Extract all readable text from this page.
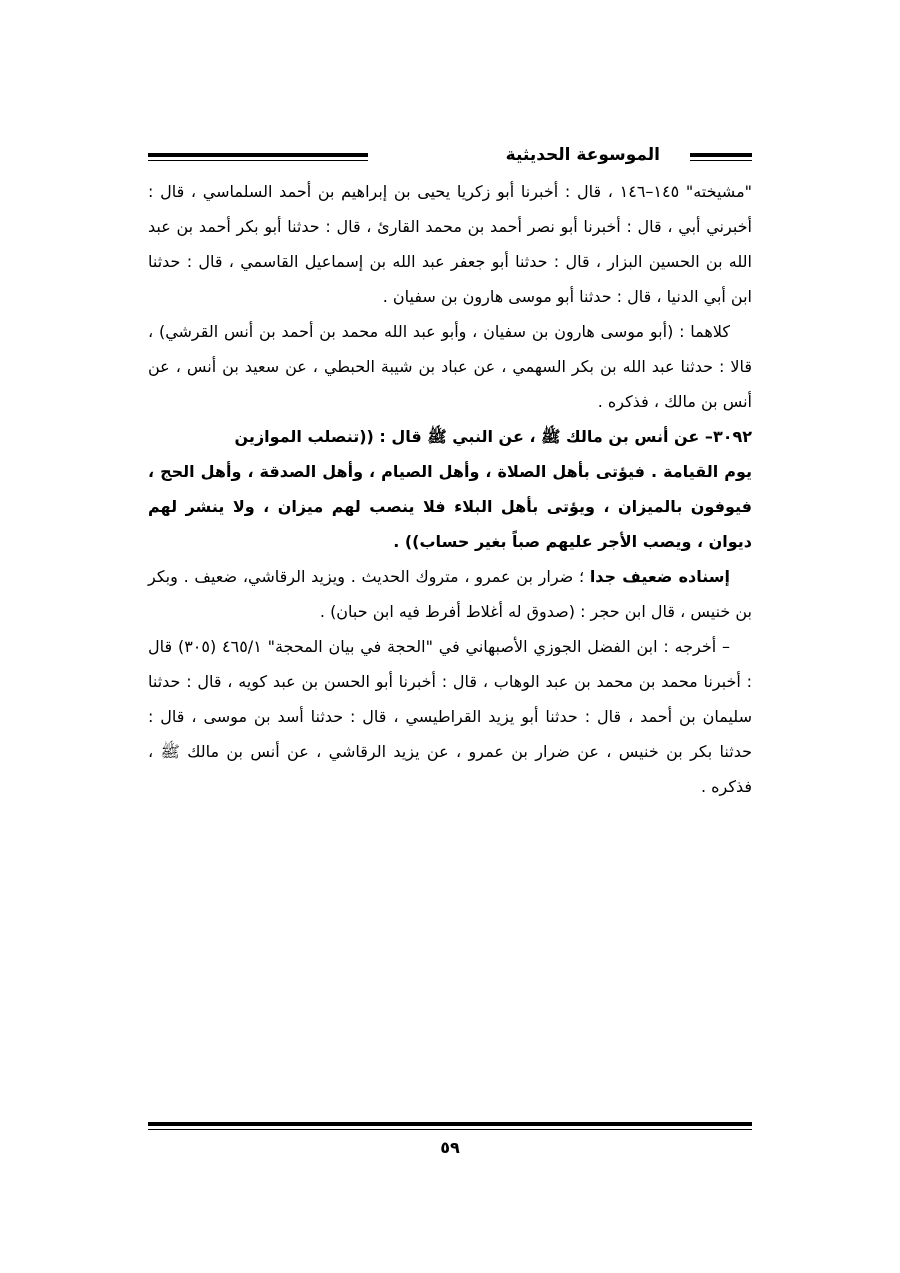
الموسوعة الحديثية

"مشيخته" ١٤٥–١٤٦ ، قال : أخبرنا أبو زكريا يحيى بن إبراهيم بن أحمد السلماسي ، قال : أخبرني أبي ، قال : أخبرنا أبو نصر أحمد بن محمد القارئ ، قال : حدثنا أبو بكر أحمد بن عبد الله بن الحسين البزار ، قال : حدثنا أبو جعفر عبد الله بن إسماعيل القاسمي ، قال : حدثنا ابن أبي الدنيا ، قال : حدثنا أبو موسى هارون بن سفيان .

كلاهما : (أبو موسى هارون بن سفيان ، وأبو عبد الله محمد بن أحمد بن أنس القرشي) ، قالا : حدثنا عبد الله بن بكر السهمي ، عن عباد بن شيبة الحبطي ، عن سعيد بن أنس ، عن أنس بن مالك ، فذكره .

٣٠٩٢– عن أنس بن مالك ﷺ ، عن النبي ﷺ قال : ((تنصلب الموازين

يوم القيامة . فيؤتى بأهل الصلاة ، وأهل الصيام ، وأهل الصدقة ، وأهل الحج ، فيوفون بالميزان ، ويؤتى بأهل البلاء فلا ينصب لهم ميزان ، ولا ينشر لهم ديوان ، ويصب الأجر عليهم صباً بغير حساب)) .

إسناده ضعيف جدا ؛ ضرار بن عمرو ، متروك الحديث . ويزيد الرقاشي، ضعيف . وبكر بن خنيس ، قال ابن حجر : (صدوق له أغلاط أفرط فيه ابن حبان) .

– أخرجه : ابن الفضل الجوزي الأصبهاني في "الحجة في بيان المحجة" ٤٦٥/١ (٣٠٥) قال : أخبرنا محمد بن محمد بن عبد الوهاب ، قال : أخبرنا أبو الحسن بن عبد كويه ، قال : حدثنا سليمان بن أحمد ، قال : حدثنا أبو يزيد القراطيسي ، قال : حدثنا أسد بن موسى ، قال : حدثنا بكر بن خنيس ، عن ضرار بن عمرو ، عن يزيد الرقاشي ، عن أنس بن مالك ﷺ ، فذكره .

٥٩
